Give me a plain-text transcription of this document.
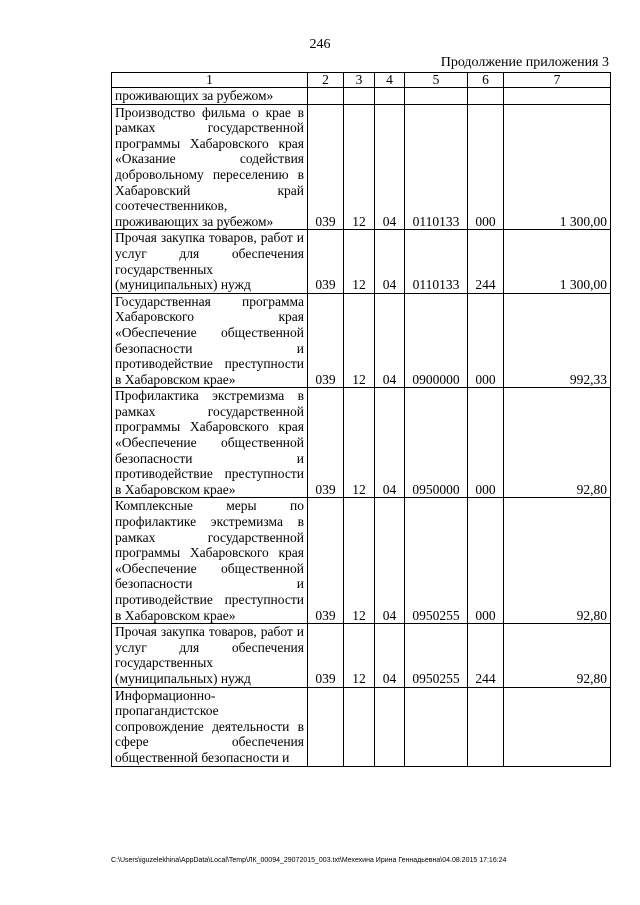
246
Продолжение приложения 3
1	2	3	4	5	6	7
проживающих за рубежом»						
Производство фильма о крае в рамках государственной программы Хабаровского края «Оказание содействия добровольному переселению в Хабаровский край соотечественников, проживающих за рубежом»	039	12	04	0110133	000	1 300,00
Прочая закупка товаров, работ и услуг для обеспечения государственных (муниципальных) нужд	039	12	04	0110133	244	1 300,00
Государственная программа Хабаровского края «Обеспечение общественной безопасности и противодействие преступности в Хабаровском крае»	039	12	04	0900000	000	992,33
Профилактика экстремизма в рамках государственной программы Хабаровского края «Обеспечение общественной безопасности и противодействие преступности в Хабаровском крае»	039	12	04	0950000	000	92,80
Комплексные меры по профилактике экстремизма в рамках государственной программы Хабаровского края «Обеспечение общественной безопасности и противодействие преступности в Хабаровском крае»	039	12	04	0950255	000	92,80
Прочая закупка товаров, работ и услуг для обеспечения государственных (муниципальных) нужд	039	12	04	0950255	244	92,80
Информационно-пропагандистское сопровождение деятельности в сфере обеспечения общественной безопасности и						
C:\Users\iguzelekhina\AppData\Local\Temp\ЛК_00094_29072015_003.txt\Мехехина Ирина Геннадьевна\04.08.2015 17:16:24
